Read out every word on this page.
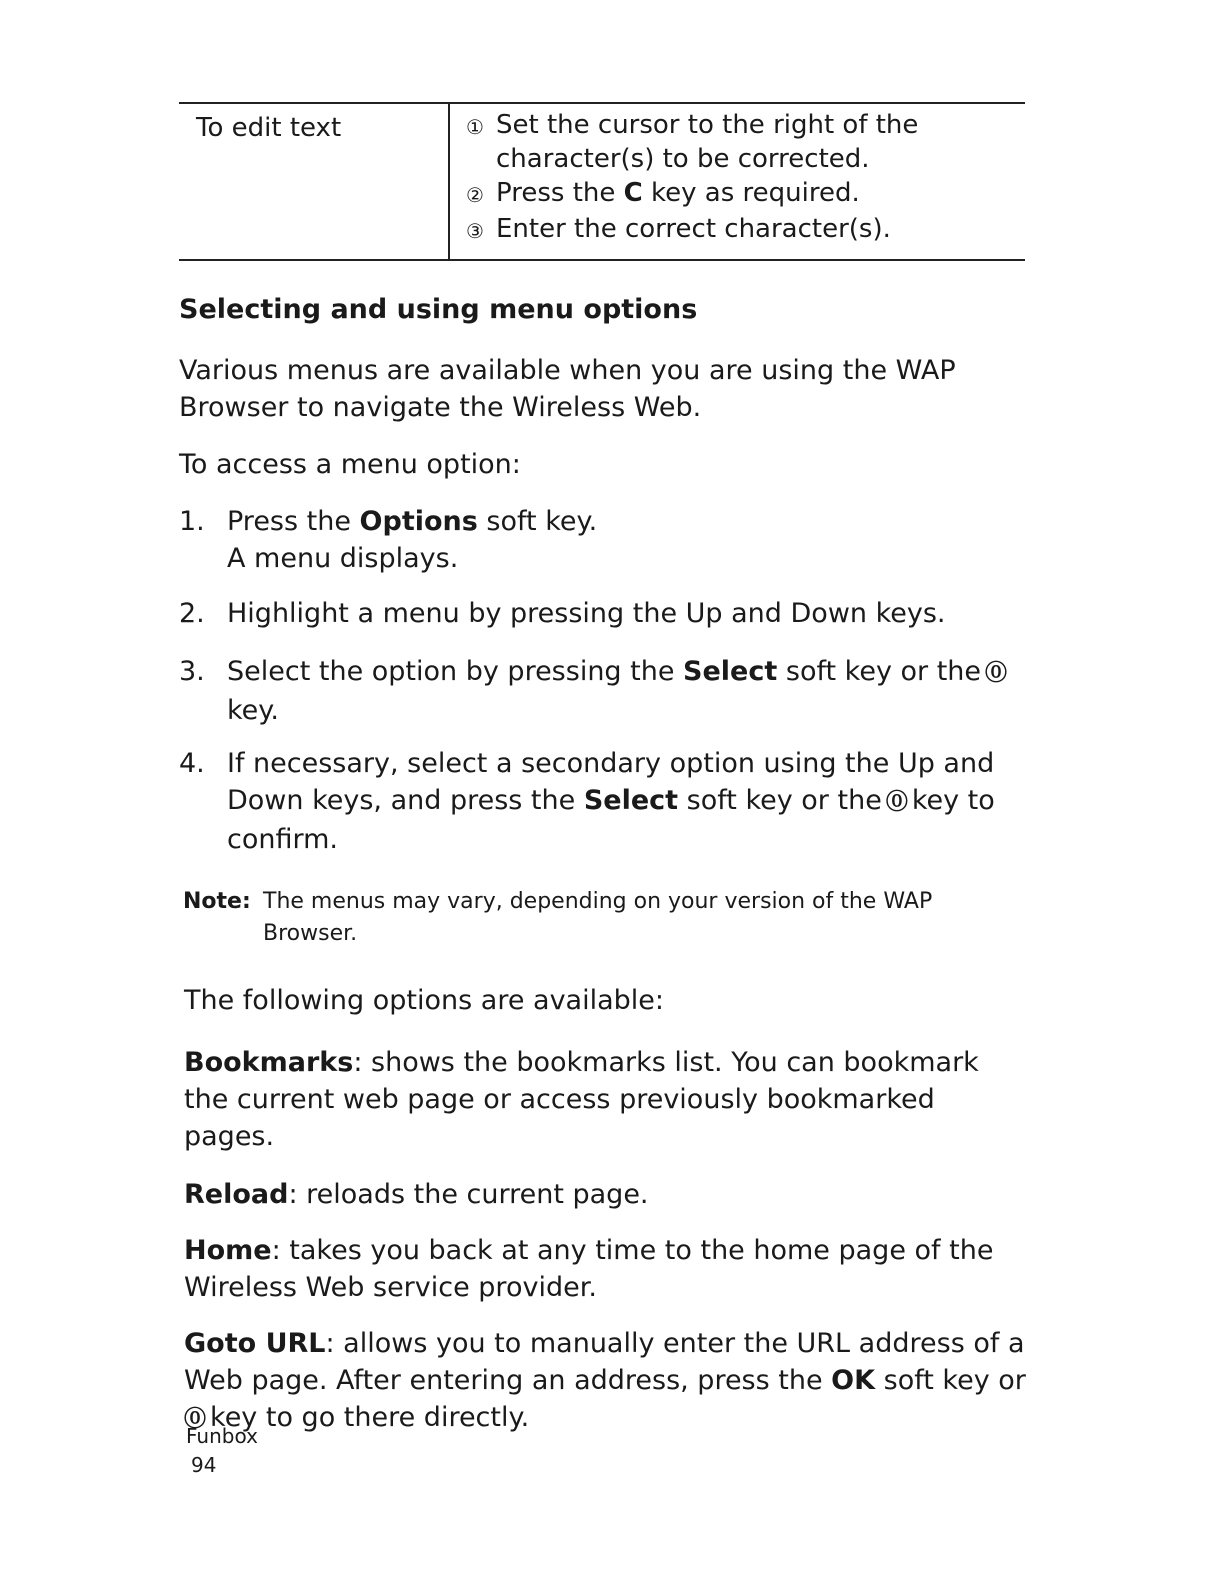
To edit text	① Set the cursor to the right of the character(s) to be corrected.
② Press the C key as required.
③ Enter the correct character(s).
Selecting and using menu options
Various menus are available when you are using the WAP Browser to navigate the Wireless Web.
To access a menu option:
1. Press the Options soft key.
A menu displays.
2. Highlight a menu by pressing the Up and Down keys.
3. Select the option by pressing the Select soft key or the ⓪
key.
4. If necessary, select a secondary option using the Up and Down keys, and press the Select soft key or the ⓪ key to confirm.
Note: The menus may vary, depending on your version of the WAP Browser.
The following options are available:
Bookmarks: shows the bookmarks list. You can bookmark the current web page or access previously bookmarked pages.
Reload: reloads the current page.
Home: takes you back at any time to the home page of the Wireless Web service provider.
Goto URL: allows you to manually enter the URL address of a Web page. After entering an address, press the OK soft key or
⓪ key to go there directly.
Funbox
94
